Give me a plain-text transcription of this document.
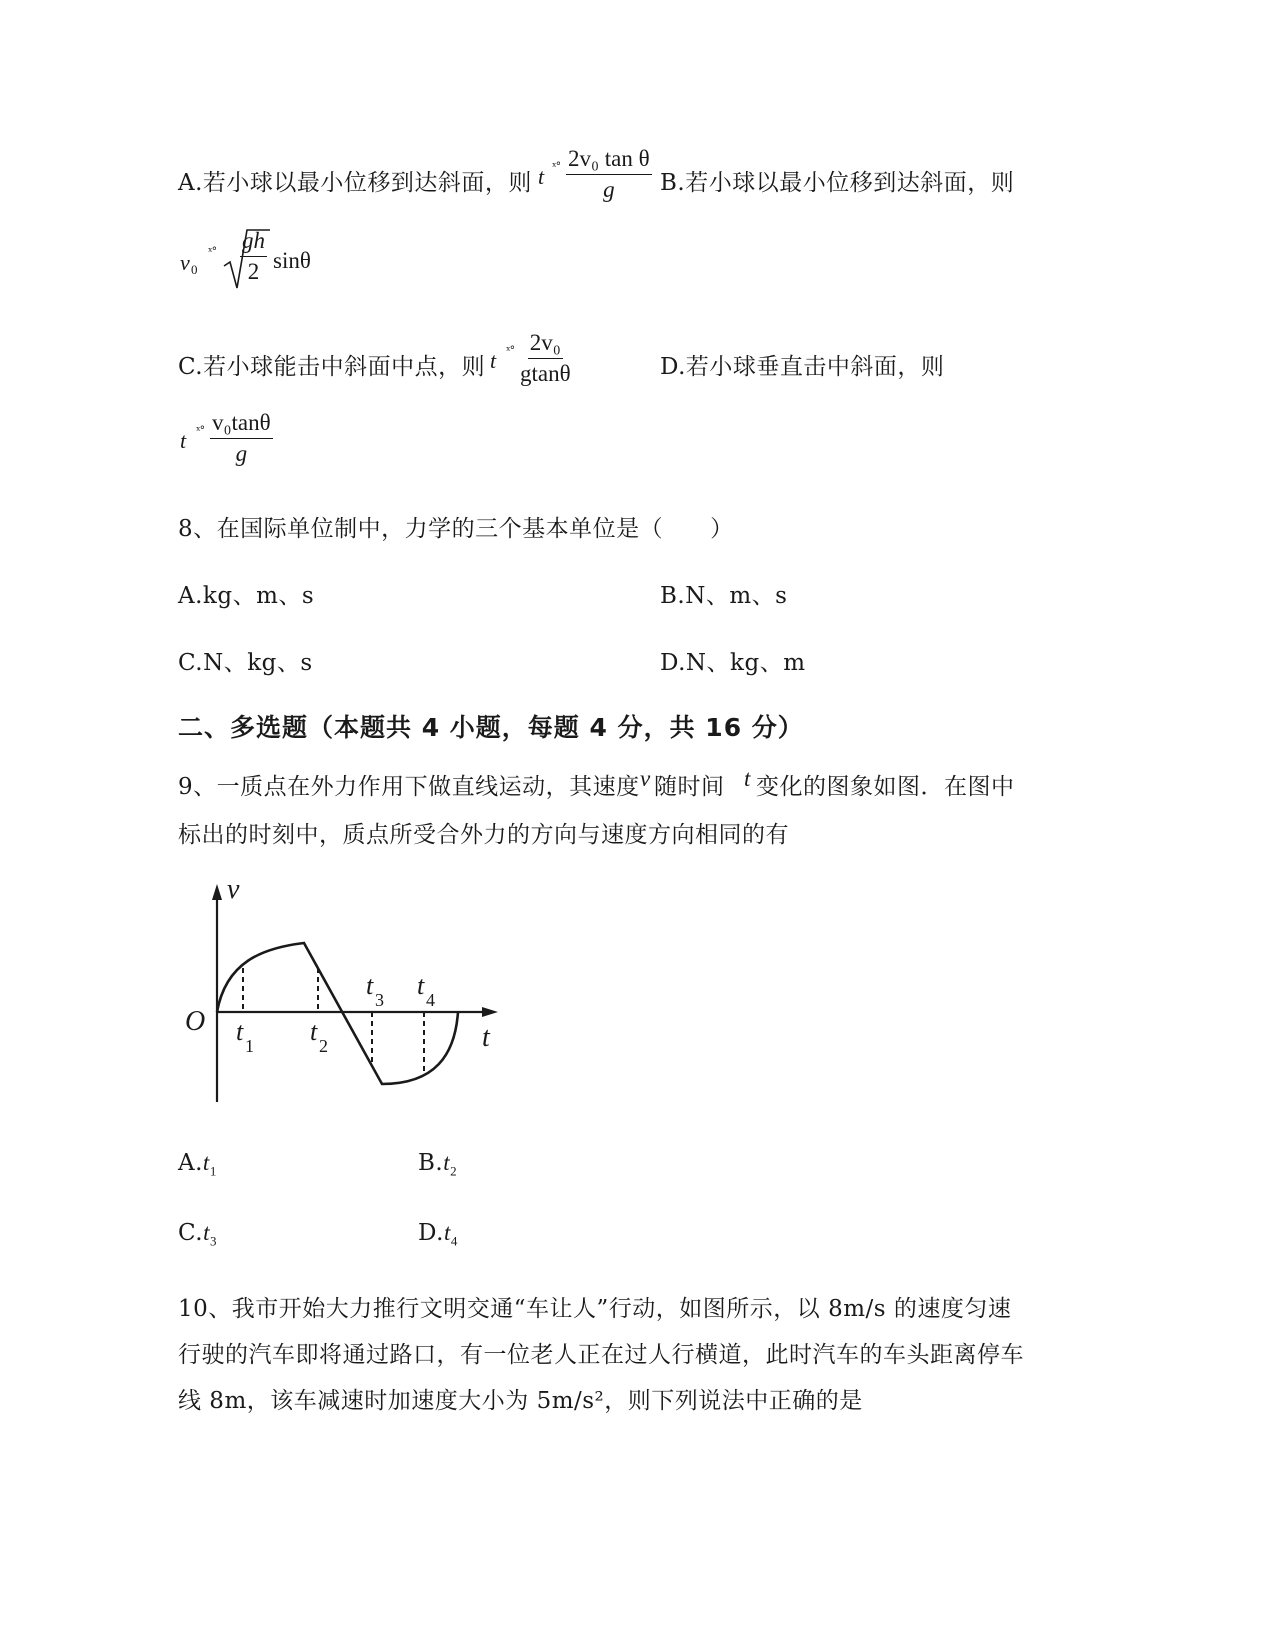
A.若小球以最小位移到达斜面，则 t ˣ° $\frac{\text{2v₀ tan θ}}{g} B$.若小球以最小位移到达斜面，则
v 0
ˣ° $\frac{gh}{2}$ sinθ
C.若小球能击中斜面中点，则 t ˣ° $\frac{\text{2v₀}}{gtan\theta}$	D.若小球垂直击中斜面，则
t ˣ° $\frac{\text{v₀tanθ}}{g}$
8、在国际单位制中，力学的三个基本单位是（　　）
A.kg、m、s	B.N、m、s
C.N、kg、s	D.N、kg、m
二、多选题（本题共 4 小题，每题 4 分，共 16 分）
9、一质点在外力作用下做直线运动，其速度 v 随时间 t 变化的图象如图．在图中
标出的时刻中，质点所受合外力的方向与速度方向相同的有
v
t
O t 1 t 2
t 3 t 4
$A.t_1$	$B.t_2$
$C.t_3$	$D.t_4$
10、我市开始大力推行文明交通“车让人”行动，如图所示，以 8m/s 的速度匀速
行驶的汽车即将通过路口，有一位老人正在过人行横道，此时汽车的车头距离停车
线 8m，该车减速时加速度大小为 5m/s²，则下列说法中正确的是
